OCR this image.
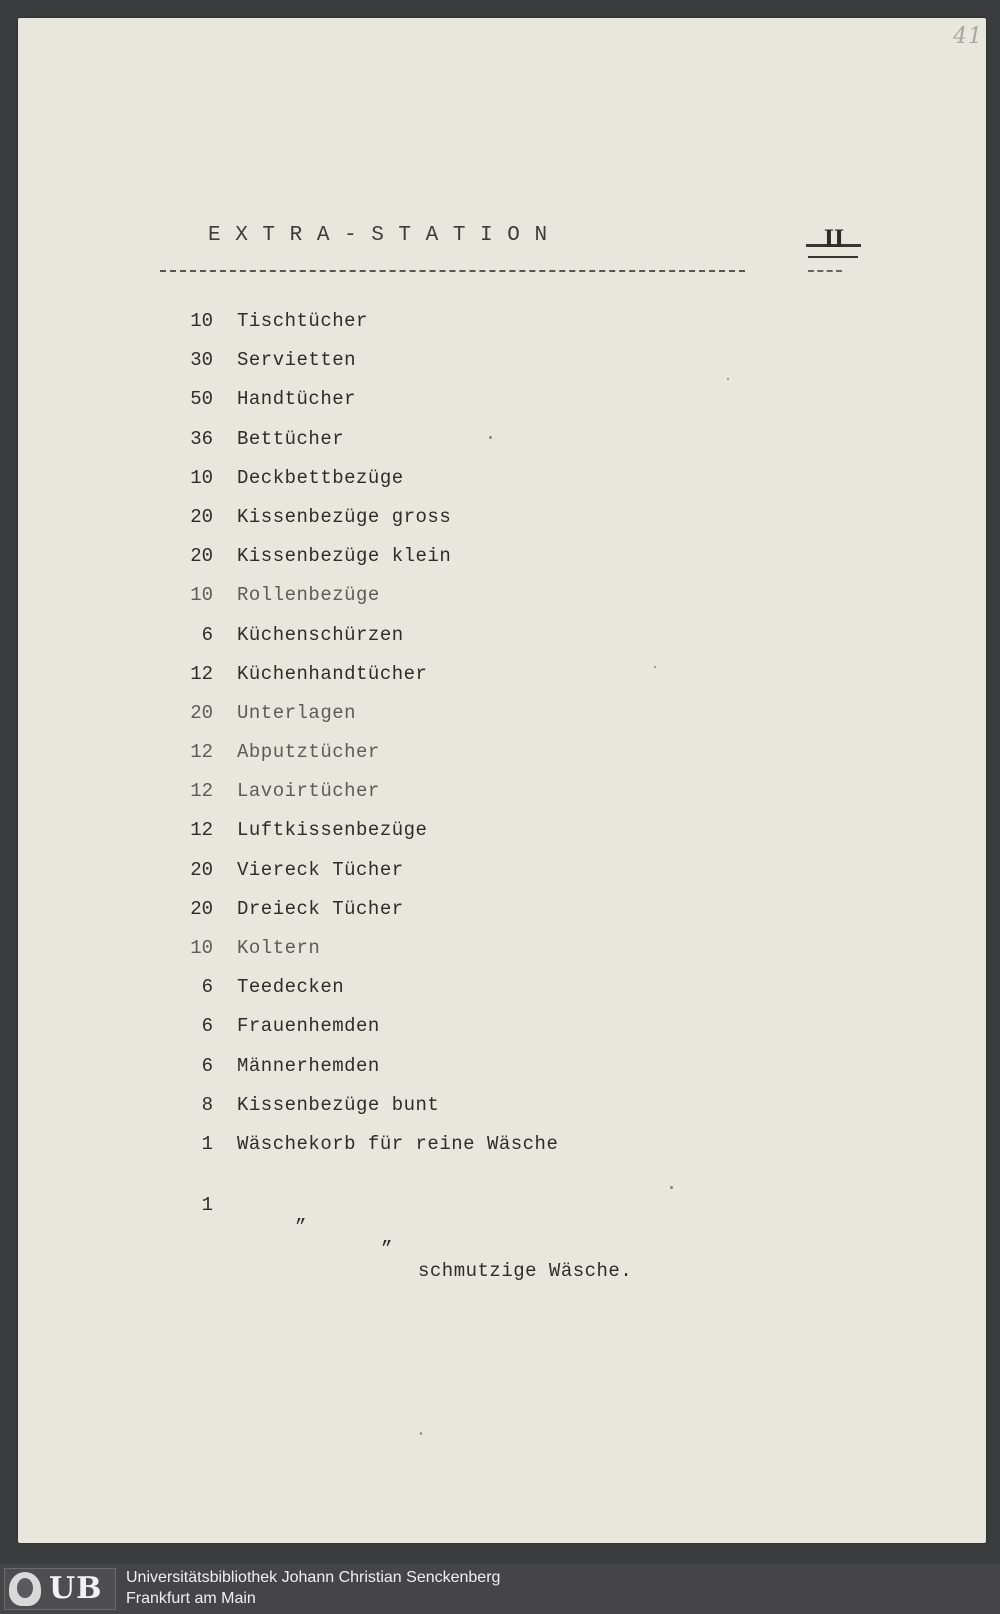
41
E X T R A - S T A T I O N	II
10 Tischtücher
30 Servietten
50 Handtücher
36 Bettücher
10 Deckbettbezüge
20 Kissenbezüge gross
20 Kissenbezüge klein
10 Rollenbezüge
6 Küchenschürzen
12 Küchenhandtücher
20 Unterlagen
12 Abputztücher
12 Lavoirtücher
12 Luftkissenbezüge
20 Viereck Tücher
20 Dreieck Tücher
10 Koltern
6 Teedecken
6 Frauenhemden
6 Männerhemden
8 Kissenbezüge bunt
1 Wäschekorb für reine Wäsche

1

”

”

schmutzige Wäsche.

UB Universitätsbibliothek Johann Christian Senckenberg
Frankfurt am Main
